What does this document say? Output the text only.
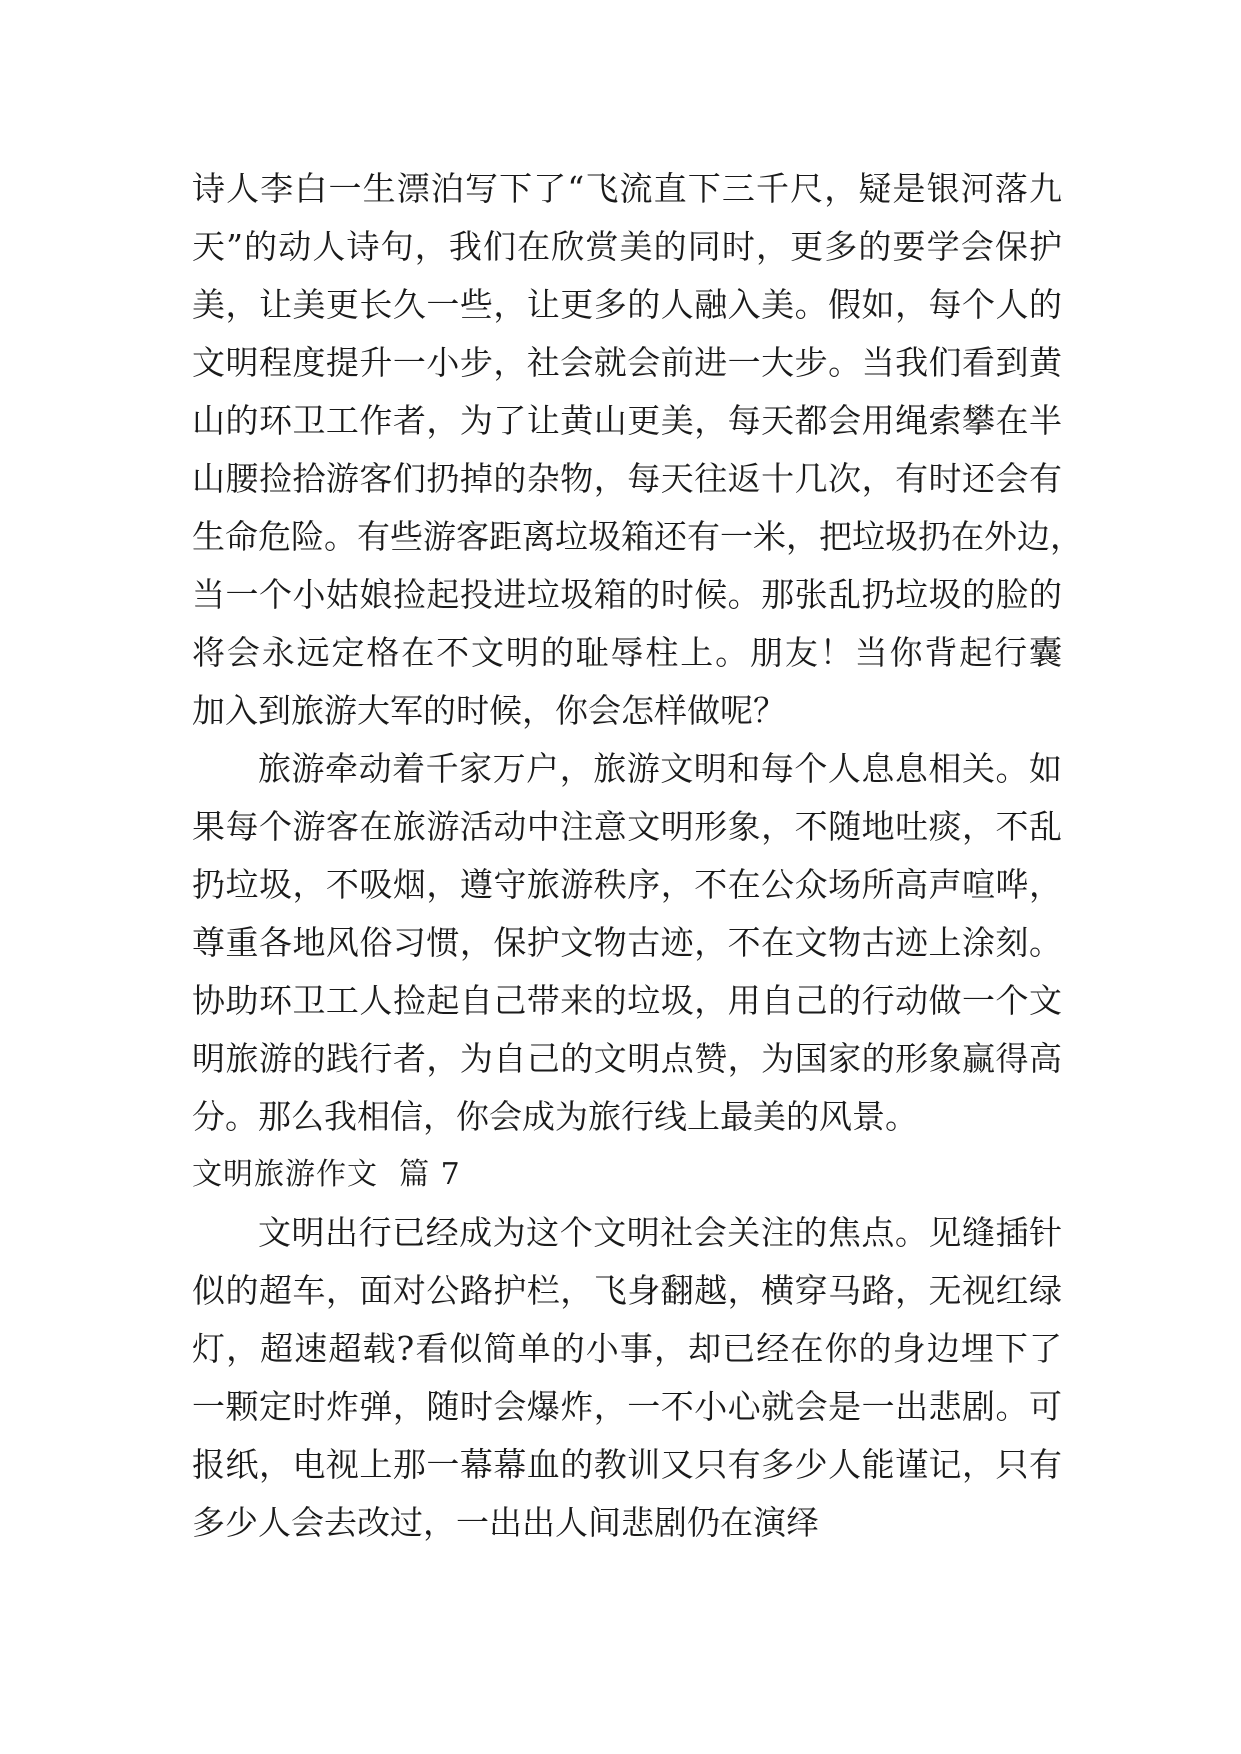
诗人李白一生漂泊写下了“飞流直下三千尺，疑是银河落九
天”的动人诗句，我们在欣赏美的同时，更多的要学会保护
美，让美更长久一些，让更多的人融入美。假如，每个人的
文明程度提升一小步，社会就会前进一大步。当我们看到黄
山的环卫工作者，为了让黄山更美，每天都会用绳索攀在半
山腰捡拾游客们扔掉的杂物，每天往返十几次，有时还会有
生命危险。有些游客距离垃圾箱还有一米，把垃圾扔在外边，
当一个小姑娘捡起投进垃圾箱的时候。那张乱扔垃圾的脸的
将会永远定格在不文明的耻辱柱上。朋友！当你背起行囊
加入到旅游大军的时候，你会怎样做呢？
旅游牵动着千家万户，旅游文明和每个人息息相关。如
果每个游客在旅游活动中注意文明形象，不随地吐痰，不乱
扔垃圾，不吸烟，遵守旅游秩序，不在公众场所高声喧哗，
尊重各地风俗习惯，保护文物古迹，不在文物古迹上涂刻。
协助环卫工人捡起自己带来的垃圾，用自己的行动做一个文
明旅游的践行者，为自己的文明点赞，为国家的形象赢得高
分。那么我相信，你会成为旅行线上最美的风景。
文明旅游作文  篇 7
文明出行已经成为这个文明社会关注的焦点。见缝插针
似的超车，面对公路护栏，飞身翻越，横穿马路，无视红绿
灯，超速超载?看似简单的小事，却已经在你的身边埋下了
一颗定时炸弹，随时会爆炸，一不小心就会是一出悲剧。可
报纸，电视上那一幕幕血的教训又只有多少人能谨记，只有
多少人会去改过，一出出人间悲剧仍在演绎
